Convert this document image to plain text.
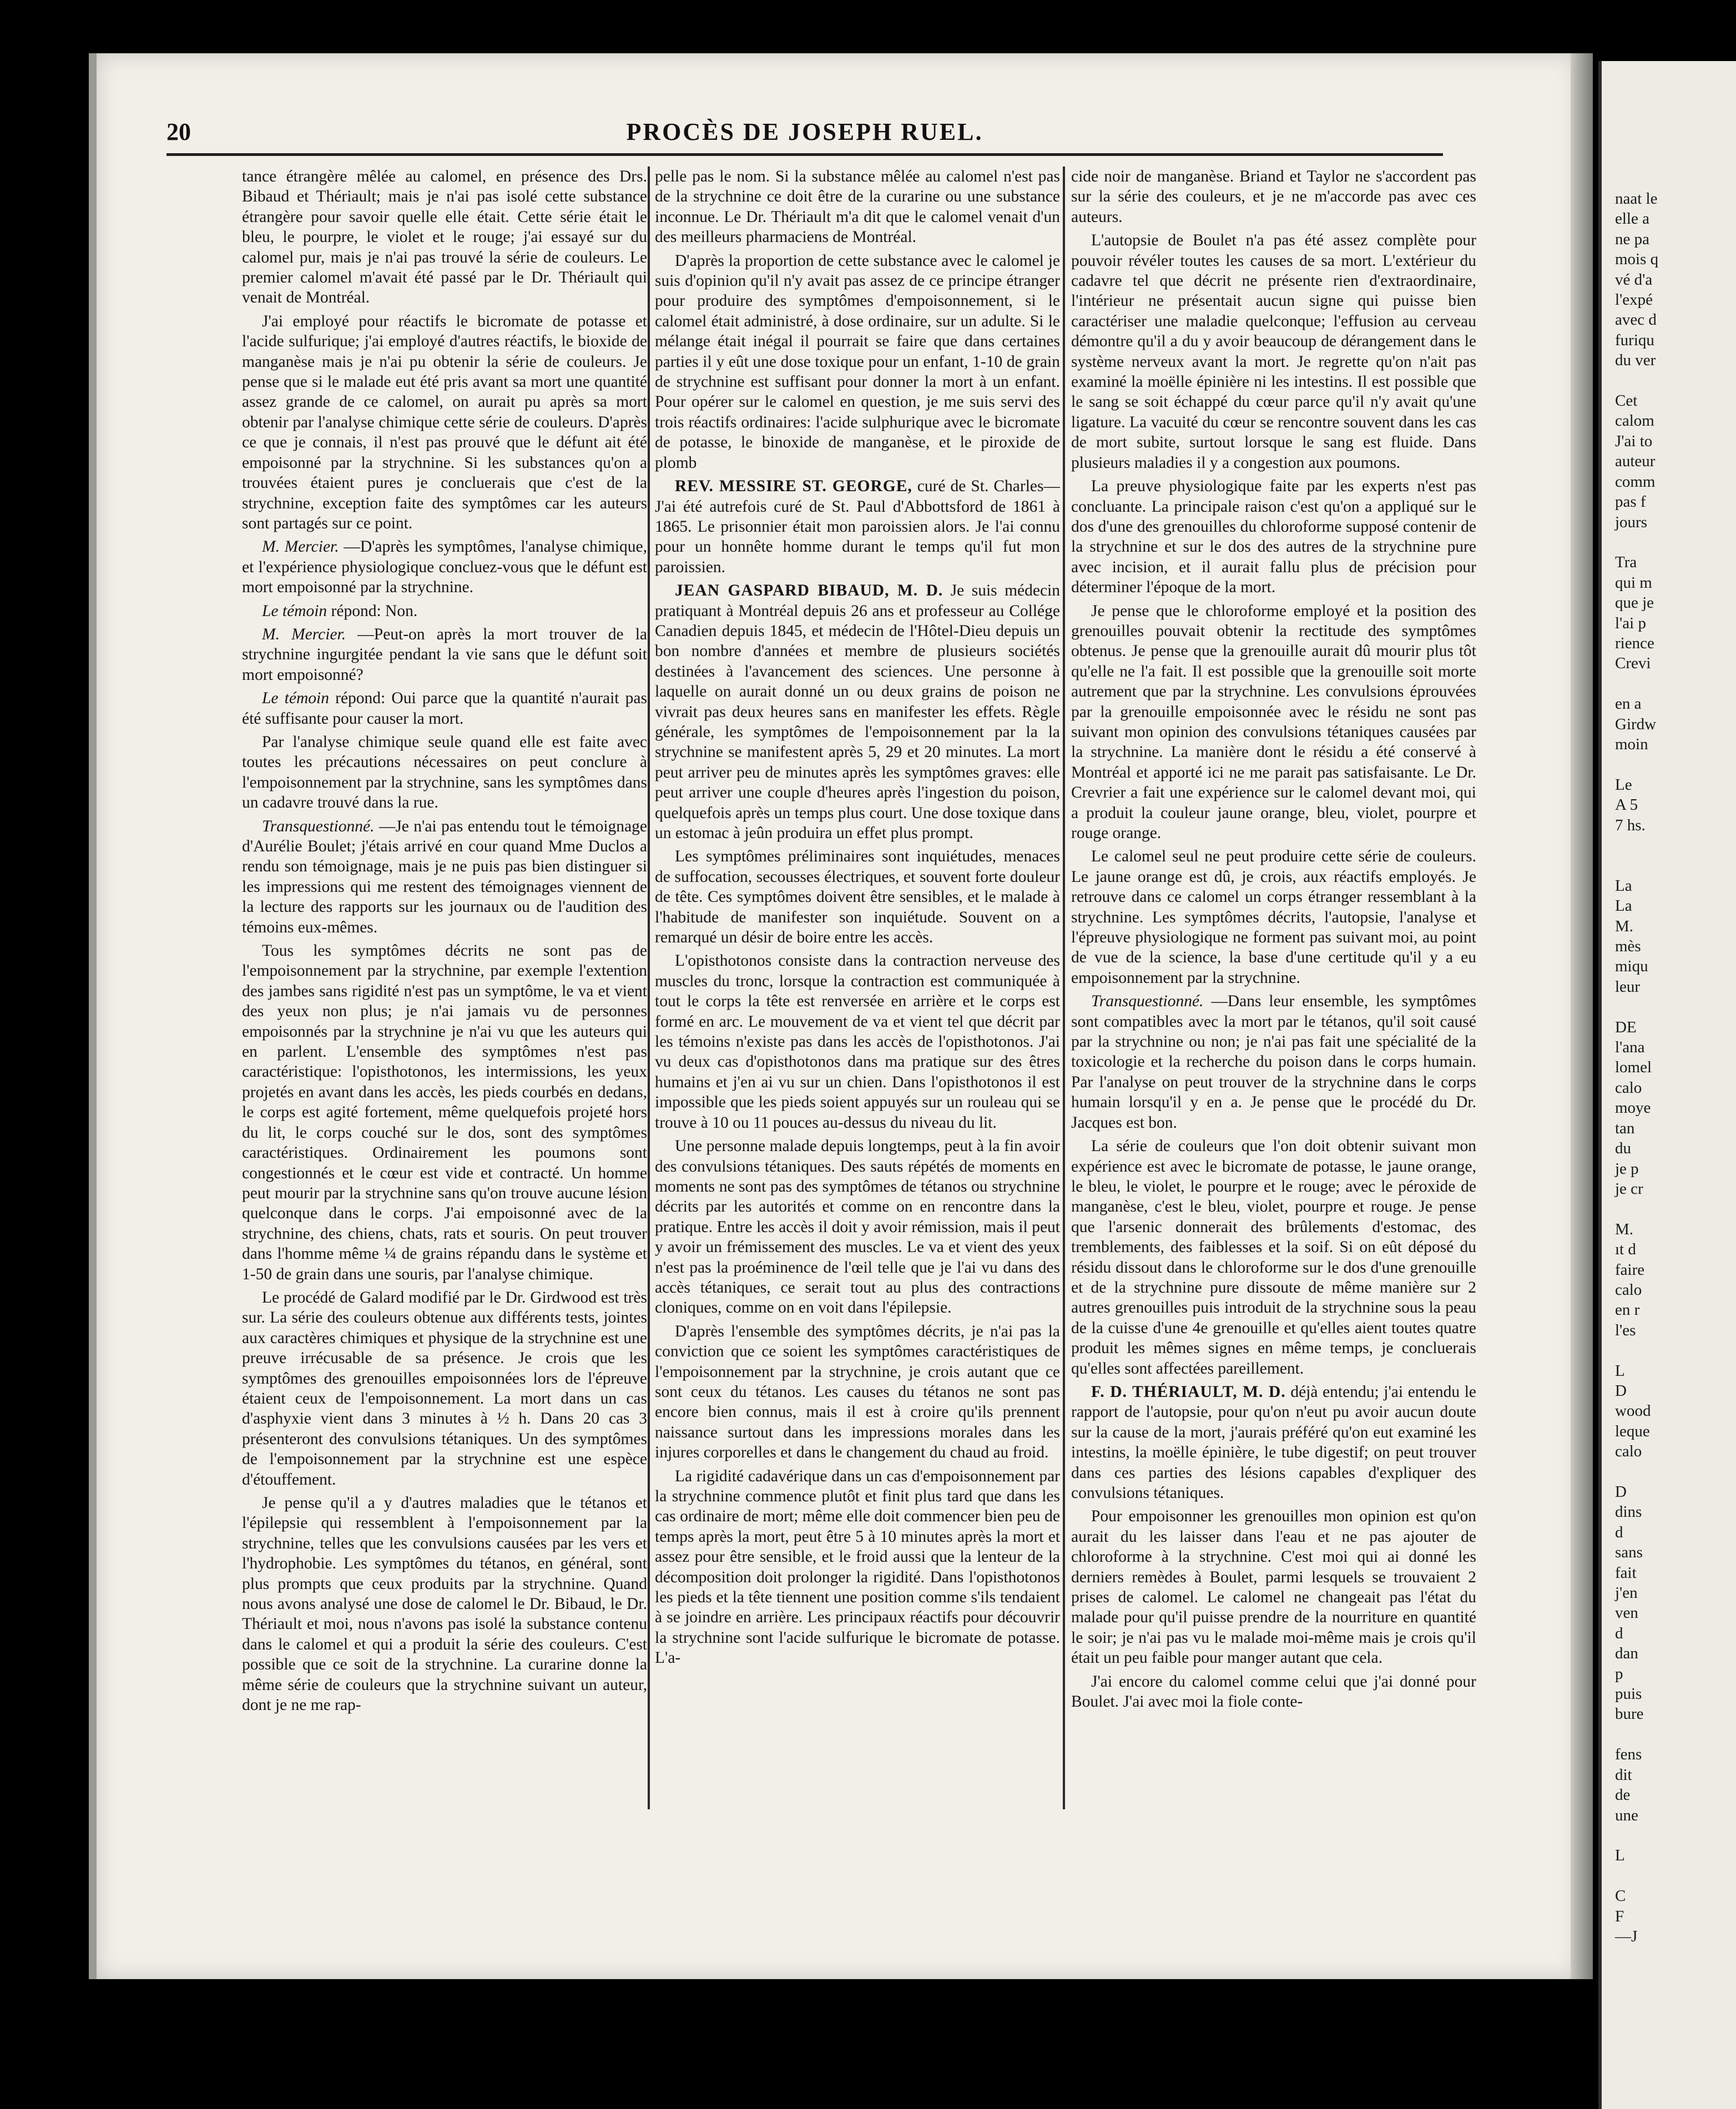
20	PROCÈS DE JOSEPH RUEL.

tance étrangère mêlée au calomel, en présence des Drs. Bibaud et Thériault; mais je n'ai pas isolé cette substance étrangère pour savoir quelle elle était. Cette série était le bleu, le pourpre, le violet et le rouge; j'ai essayé sur du calomel pur, mais je n'ai pas trouvé la série de couleurs. Le premier calomel m'avait été passé par le Dr. Thériault qui venait de Montréal.

J'ai employé pour réactifs le bicromate de potasse et l'acide sulfurique; j'ai employé d'autres réactifs, le bioxide de manganèse mais je n'ai pu obtenir la série de couleurs. Je pense que si le malade eut été pris avant sa mort une quantité assez grande de ce calomel, on aurait pu après sa mort obtenir par l'analyse chimique cette série de couleurs. D'après ce que je connais, il n'est pas prouvé que le défunt ait été empoisonné par la strychnine. Si les substances qu'on a trouvées étaient pures je concluerais que c'est de la strychnine, exception faite des symptômes car les auteurs sont partagés sur ce point.

M. Mercier. —D'après les symptômes, l'analyse chimique, et l'expérience physiologique concluez-vous que le défunt est mort empoisonné par la strychnine.

Le témoin répond: Non.

M. Mercier. —Peut-on après la mort trouver de la strychnine ingurgitée pendant la vie sans que le défunt soit mort empoisonné?

Le témoin répond: Oui parce que la quantité n'aurait pas été suffisante pour causer la mort.

Par l'analyse chimique seule quand elle est faite avec toutes les précautions nécessaires on peut conclure à l'empoisonnement par la strychnine, sans les symptômes dans un cadavre trouvé dans la rue.

Transquestionné. —Je n'ai pas entendu tout le témoignage d'Aurélie Boulet; j'étais arrivé en cour quand Mme Duclos a rendu son témoignage, mais je ne puis pas bien distinguer si les impressions qui me restent des témoignages viennent de la lecture des rapports sur les journaux ou de l'audition des témoins eux-mêmes.

Tous les symptômes décrits ne sont pas de l'empoisonnement par la strychnine, par exemple l'extention des jambes sans rigidité n'est pas un symptôme, le va et vient des yeux non plus; je n'ai jamais vu de personnes empoisonnés par la strychnine je n'ai vu que les auteurs qui en parlent. L'ensemble des symptômes n'est pas caractéristique: l'opisthotonos, les intermissions, les yeux projetés en avant dans les accès, les pieds courbés en dedans, le corps est agité fortement, même quelquefois projeté hors du lit, le corps couché sur le dos, sont des symptômes caractéristiques. Ordinairement les poumons sont congestionnés et le cœur est vide et contracté. Un homme peut mourir par la strychnine sans qu'on trouve aucune lésion quelconque dans le corps. J'ai empoisonné avec de la strychnine, des chiens, chats, rats et souris. On peut trouver dans l'homme même ¼ de grains répandu dans le système et 1-50 de grain dans une souris, par l'analyse chimique.

Le procédé de Galard modifié par le Dr. Girdwood est très sur. La série des couleurs obtenue aux différents tests, jointes aux caractères chimiques et physique de la strychnine est une preuve irrécusable de sa présence. Je crois que les symptômes des grenouilles empoisonnées lors de l'épreuve étaient ceux de l'empoisonnement. La mort dans un cas d'asphyxie vient dans 3 minutes à ½ h. Dans 20 cas 3 présenteront des convulsions tétaniques. Un des symptômes de l'empoisonnement par la strychnine est une espèce d'étouffement.

Je pense qu'il a y d'autres maladies que le tétanos et l'épilepsie qui ressemblent à l'empoisonnement par la strychnine, telles que les convulsions causées par les vers et l'hydrophobie. Les symptômes du tétanos, en général, sont plus prompts que ceux produits par la strychnine. Quand nous avons analysé une dose de calomel le Dr. Bibaud, le Dr. Thériault et moi, nous n'avons pas isolé la substance contenu dans le calomel et qui a produit la série des couleurs. C'est possible que ce soit de la strychnine. La curarine donne la même série de couleurs que la strychnine suivant un auteur, dont je ne me rap-

pelle pas le nom. Si la substance mêlée au calomel n'est pas de la strychnine ce doit être de la curarine ou une substance inconnue. Le Dr. Thériault m'a dit que le calomel venait d'un des meilleurs pharmaciens de Montréal.

D'après la proportion de cette substance avec le calomel je suis d'opinion qu'il n'y avait pas assez de ce principe étranger pour produire des symptômes d'empoisonnement, si le calomel était administré, à dose ordinaire, sur un adulte. Si le mélange était inégal il pourrait se faire que dans certaines parties il y eût une dose toxique pour un enfant, 1-10 de grain de strychnine est suffisant pour donner la mort à un enfant. Pour opérer sur le calomel en question, je me suis servi des trois réactifs ordinaires: l'acide sulphurique avec le bicromate de potasse, le binoxide de manganèse, et le piroxide de plomb

REV. MESSIRE ST. GEORGE, curé de St. Charles—J'ai été autrefois curé de St. Paul d'Abbottsford de 1861 à 1865. Le prisonnier était mon paroissien alors. Je l'ai connu pour un honnête homme durant le temps qu'il fut mon paroissien.

JEAN GASPARD BIBAUD, M. D. Je suis médecin pratiquant à Montréal depuis 26 ans et professeur au Collége Canadien depuis 1845, et médecin de l'Hôtel-Dieu depuis un bon nombre d'années et membre de plusieurs sociétés destinées à l'avancement des sciences. Une personne à laquelle on aurait donné un ou deux grains de poison ne vivrait pas deux heures sans en manifester les effets. Règle générale, les symptômes de l'empoisonnement par la la strychnine se manifestent après 5, 29 et 20 minutes. La mort peut arriver peu de minutes après les symptômes graves: elle peut arriver une couple d'heures après l'ingestion du poison, quelquefois après un temps plus court. Une dose toxique dans un estomac à jeûn produira un effet plus prompt.

Les symptômes préliminaires sont inquiétudes, menaces de suffocation, secousses électriques, et souvent forte douleur de tête. Ces symptômes doivent être sensibles, et le malade à l'habitude de manifester son inquiétude. Souvent on a remarqué un désir de boire entre les accès.

L'opisthotonos consiste dans la contraction nerveuse des muscles du tronc, lorsque la contraction est communiquée à tout le corps la tête est renversée en arrière et le corps est formé en arc. Le mouvement de va et vient tel que décrit par les témoins n'existe pas dans les accès de l'opisthotonos. J'ai vu deux cas d'opisthotonos dans ma pratique sur des êtres humains et j'en ai vu sur un chien. Dans l'opisthotonos il est impossible que les pieds soient appuyés sur un rouleau qui se trouve à 10 ou 11 pouces au-dessus du niveau du lit.

Une personne malade depuis longtemps, peut à la fin avoir des convulsions tétaniques. Des sauts répétés de moments en moments ne sont pas des symptômes de tétanos ou strychnine décrits par les autorités et comme on en rencontre dans la pratique. Entre les accès il doit y avoir rémission, mais il peut y avoir un frémissement des muscles. Le va et vient des yeux n'est pas la proéminence de l'œil telle que je l'ai vu dans des accès tétaniques, ce serait tout au plus des contractions cloniques, comme on en voit dans l'épilepsie.

D'après l'ensemble des symptômes décrits, je n'ai pas la conviction que ce soient les symptômes caractéristiques de l'empoisonnement par la strychnine, je crois autant que ce sont ceux du tétanos. Les causes du tétanos ne sont pas encore bien connus, mais il est à croire qu'ils prennent naissance surtout dans les impressions morales dans les injures corporelles et dans le changement du chaud au froid.

La rigidité cadavérique dans un cas d'empoisonnement par la strychnine commence plutôt et finit plus tard que dans les cas ordinaire de mort; même elle doit commencer bien peu de temps après la mort, peut être 5 à 10 minutes après la mort et assez pour être sensible, et le froid aussi que la lenteur de la décomposition doit prolonger la rigidité. Dans l'opisthotonos les pieds et la tête tiennent une position comme s'ils tendaient à se joindre en arrière. Les principaux réactifs pour découvrir la strychnine sont l'acide sulfurique le bicromate de potasse. L'a-

cide noir de manganèse. Briand et Taylor ne s'accordent pas sur la série des couleurs, et je ne m'accorde pas avec ces auteurs.

L'autopsie de Boulet n'a pas été assez complète pour pouvoir révéler toutes les causes de sa mort. L'extérieur du cadavre tel que décrit ne présente rien d'extraordinaire, l'intérieur ne présentait aucun signe qui puisse bien caractériser une maladie quelconque; l'effusion au cerveau démontre qu'il a du y avoir beaucoup de dérangement dans le système nerveux avant la mort. Je regrette qu'on n'ait pas examiné la moëlle épinière ni les intestins. Il est possible que le sang se soit échappé du cœur parce qu'il n'y avait qu'une ligature. La vacuité du cœur se rencontre souvent dans les cas de mort subite, surtout lorsque le sang est fluide. Dans plusieurs maladies il y a congestion aux poumons.

La preuve physiologique faite par les experts n'est pas concluante. La principale raison c'est qu'on a appliqué sur le dos d'une des grenouilles du chloroforme supposé contenir de la strychnine et sur le dos des autres de la strychnine pure avec incision, et il aurait fallu plus de précision pour déterminer l'époque de la mort.

Je pense que le chloroforme employé et la position des grenouilles pouvait obtenir la rectitude des symptômes obtenus. Je pense que la grenouille aurait dû mourir plus tôt qu'elle ne l'a fait. Il est possible que la grenouille soit morte autrement que par la strychnine. Les convulsions éprouvées par la grenouille empoisonnée avec le résidu ne sont pas suivant mon opinion des convulsions tétaniques causées par la strychnine. La manière dont le résidu a été conservé à Montréal et apporté ici ne me parait pas satisfaisante. Le Dr. Crevrier a fait une expérience sur le calomel devant moi, qui a produit la couleur jaune orange, bleu, violet, pourpre et rouge orange.

Le calomel seul ne peut produire cette série de couleurs. Le jaune orange est dû, je crois, aux réactifs employés. Je retrouve dans ce calomel un corps étranger ressemblant à la strychnine. Les symptômes décrits, l'autopsie, l'analyse et l'épreuve physiologique ne forment pas suivant moi, au point de vue de la science, la base d'une certitude qu'il y a eu empoisonnement par la strychnine.

Transquestionné. —Dans leur ensemble, les symptômes sont compatibles avec la mort par le tétanos, qu'il soit causé par la strychnine ou non; je n'ai pas fait une spécialité de la toxicologie et la recherche du poison dans le corps humain. Par l'analyse on peut trouver de la strychnine dans le corps humain lorsqu'il y en a. Je pense que le procédé du Dr. Jacques est bon.

La série de couleurs que l'on doit obtenir suivant mon expérience est avec le bicromate de potasse, le jaune orange, le bleu, le violet, le pourpre et le rouge; avec le péroxide de manganèse, c'est le bleu, violet, pourpre et rouge. Je pense que l'arsenic donnerait des brûlements d'estomac, des tremblements, des faiblesses et la soif. Si on eût déposé du résidu dissout dans le chloroforme sur le dos d'une grenouille et de la strychnine pure dissoute de même manière sur 2 autres grenouilles puis introduit de la strychnine sous la peau de la cuisse d'une 4e grenouille et qu'elles aient toutes quatre produit les mêmes signes en même temps, je concluerais qu'elles sont affectées pareillement.

F. D. THÉRIAULT, M. D. déjà entendu; j'ai entendu le rapport de l'autopsie, pour qu'on n'eut pu avoir aucun doute sur la cause de la mort, j'aurais préféré qu'on eut examiné les intestins, la moëlle épinière, le tube digestif; on peut trouver dans ces parties des lésions capables d'expliquer des convulsions tétaniques.

Pour empoisonner les grenouilles mon opinion est qu'on aurait du les laisser dans l'eau et ne pas ajouter de chloroforme à la strychnine. C'est moi qui ai donné les derniers remèdes à Boulet, parmi lesquels se trouvaient 2 prises de calomel. Le calomel ne changeait pas l'état du malade pour qu'il puisse prendre de la nourriture en quantité le soir; je n'ai pas vu le malade moi-même mais je crois qu'il était un peu faible pour manger autant que cela.

J'ai encore du calomel comme celui que j'ai donné pour Boulet. J'ai avec moi la fiole conte-

naat le
elle a
ne pa
mois q
vé d'a
l'expé
avec d
furiqu
du ver

Cet
calom
J'ai to
auteur
comm
pas f
jours

Tra
qui m
que je
l'ai p
rience
Crevi

en a
Girdw
moin

Le
A 5
7 hs.

La
La
M.
mès
miqu
leur

DE
l'ana
lomel
calo
moye
tan
du
je p
je cr

M.
ıt d
faire
calo
en r
l'es

L
D
wood
leque
calo

D
dins
d
sans
fait
j'en
ven
d
dan
p
puis
bure

fens
dit
de
une

L

C
F
—J
